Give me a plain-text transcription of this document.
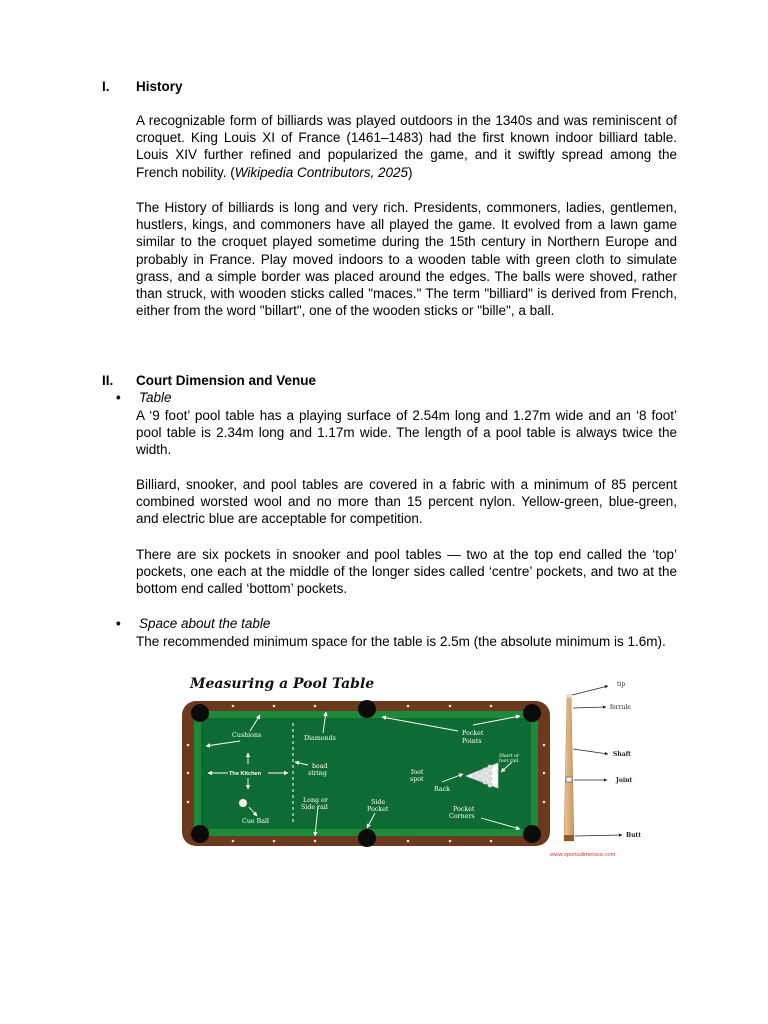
I. History

A recognizable form of billiards was played outdoors in the 1340s and was reminiscent of croquet. King Louis XI of France (1461–1483) had the first known indoor billiard table. Louis XIV further refined and popularized the game, and it swiftly spread among the French nobility. (Wikipedia Contributors, 2025)

The History of billiards is long and very rich. Presidents, commoners, ladies, gentlemen, hustlers, kings, and commoners have all played the game. It evolved from a lawn game similar to the croquet played sometime during the 15th century in Northern Europe and probably in France. Play moved indoors to a wooden table with green cloth to simulate grass, and a simple border was placed around the edges. The balls were shoved, rather than struck, with wooden sticks called "maces." The term "billiard" is derived from French, either from the word "billart", one of the wooden sticks or "bille", a ball.

II. Court Dimension and Venue
• Table

A ‘9 foot’ pool table has a playing surface of 2.54m long and 1.27m wide and an ‘8 foot’ pool table is 2.34m long and 1.17m wide. The length of a pool table is always twice the width.

Billiard, snooker, and pool tables are covered in a fabric with a minimum of 85 percent combined worsted wool and no more than 15 percent nylon. Yellow-green, blue-green, and electric blue are acceptable for competition.

There are six pockets in snooker and pool tables — two at the top end called the ‘top’ pockets, one each at the middle of the longer sides called ‘centre’ pockets, and two at the bottom end called ‘bottom’ pockets.

• Space about the table

The recommended minimum space for the table is 2.5m (the absolute minimum is 1.6m).

Measuring a Pool Table
Cushions	Diamonds
Pocket
Points
Short or
foot rail
head
string
The Kitchen	foot
spot
Rack
Long or
Side rail
Side
Pocket	Pocket
Corners
Cue Ball
tip
ferrule
Shaft
Joint
Butt
www.sportsdimensio.com
